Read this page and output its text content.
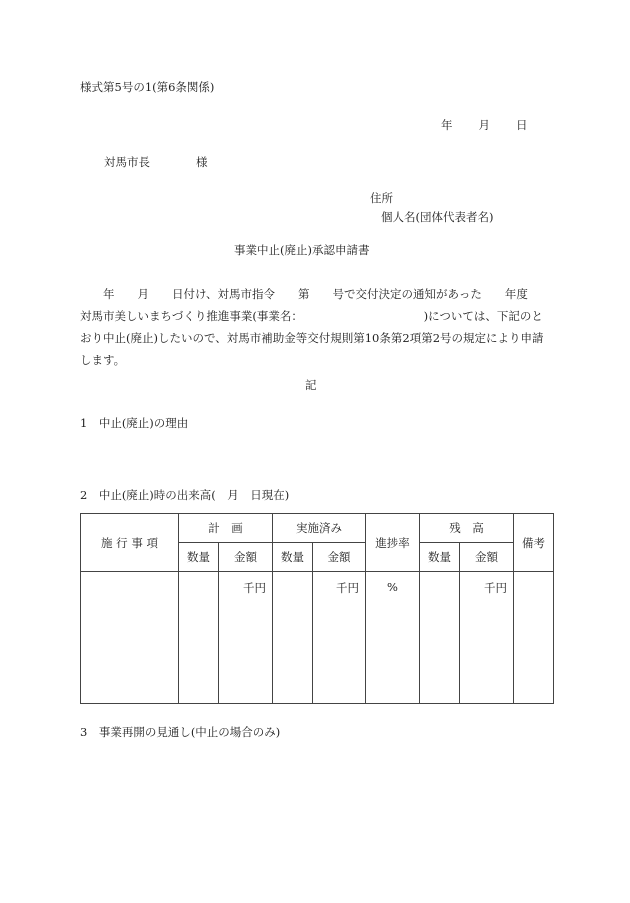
様式第5号の1(第6条関係)
年　　月　　日
対馬市長　　　　様
住所
個人名(団体代表者名)
事業中止(廃止)承認申請書

　　年　　月　　日付け、対馬市指令　　第　　号で交付決定の通知があった　　年度
対馬市美しいまちづくり推進事業(事業名：　　　　　　　　　　　)については、下記のと
おり中止(廃止)したいので、対馬市補助金等交付規則第10条第2項第2号の規定により申請
します。

記
1　中止(廃止)の理由
2　中止(廃止)時の出来高(　月　日現在)
施 行 事 項	計　画		実施済み		進捗率	残　高		備考
	数量	金額	数量	金額		数量	金額	
		千円		千円	%		千円	
3　事業再開の見通し(中止の場合のみ)
